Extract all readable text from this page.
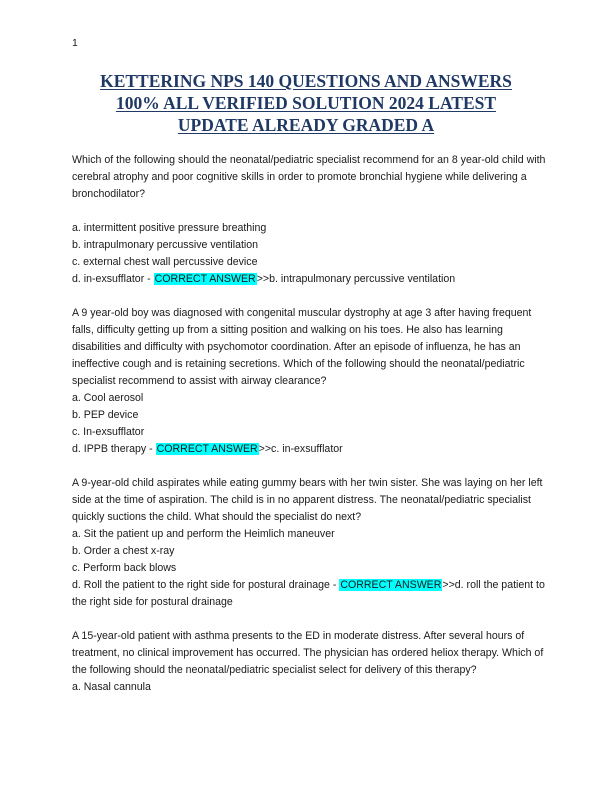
1
KETTERING NPS 140 QUESTIONS AND ANSWERS
100% ALL VERIFIED SOLUTION 2024 LATEST
UPDATE ALREADY GRADED A

Which of the following should the neonatal/pediatric specialist recommend for an 8 year-old child with cerebral atrophy and poor cognitive skills in order to promote bronchial hygiene while delivering a bronchodilator?

a. intermittent positive pressure breathing

b. intrapulmonary percussive ventilation

c. external chest wall percussive device

d. in-exsufflator - CORRECT ANSWER>>b. intrapulmonary percussive ventilation

A 9 year-old boy was diagnosed with congenital muscular dystrophy at age 3 after having frequent falls, difficulty getting up from a sitting position and walking on his toes. He also has learning disabilities and difficulty with psychomotor coordination. After an episode of influenza, he has an ineffective cough and is retaining secretions. Which of the following should the neonatal/pediatric specialist recommend to assist with airway clearance?

a. Cool aerosol

b. PEP device

c. In-exsufflator

d. IPPB therapy - CORRECT ANSWER>>c. in-exsufflator

A 9-year-old child aspirates while eating gummy bears with her twin sister. She was laying on her left side at the time of aspiration. The child is in no apparent distress. The neonatal/pediatric specialist quickly suctions the child. What should the specialist do next?

a. Sit the patient up and perform the Heimlich maneuver

b. Order a chest x-ray

c. Perform back blows

d. Roll the patient to the right side for postural drainage - CORRECT ANSWER>>d. roll the patient to the right side for postural drainage

A 15-year-old patient with asthma presents to the ED in moderate distress. After several hours of treatment, no clinical improvement has occurred. The physician has ordered heliox therapy. Which of the following should the neonatal/pediatric specialist select for delivery of this therapy?

a. Nasal cannula
